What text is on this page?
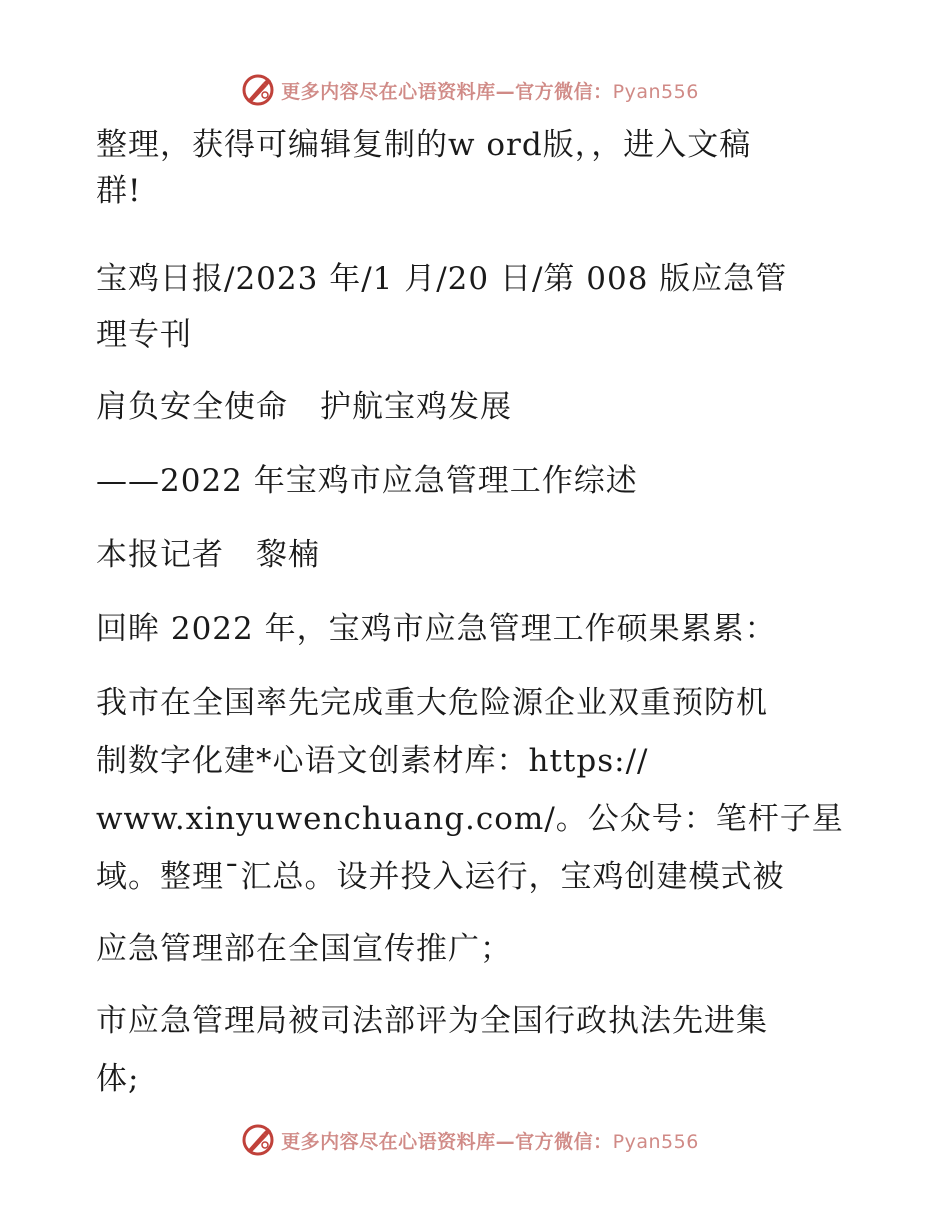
更多内容尽在心语资料库—官方微信：Pyan556
整理，获得可编辑复制的w ord版，，进入文稿
群!
宝鸡日报/2023 年/1 月/20 日/第 008 版应急管
理专刊
肩负安全使命　护航宝鸡发展
——2022 年宝鸡市应急管理工作综述
本报记者　黎楠
回眸 2022 年，宝鸡市应急管理工作硕果累累：
我市在全国率先完成重大危险源企业双重预防机
制数字化建*心语文创素材库：https://
www.xinyuwenchuang.com/。公众号：笔杆子星
域。整理¯汇总。设并投入运行，宝鸡创建模式被
应急管理部在全国宣传推广；
市应急管理局被司法部评为全国行政执法先进集
体;
更多内容尽在心语资料库—官方微信：Pyan556
